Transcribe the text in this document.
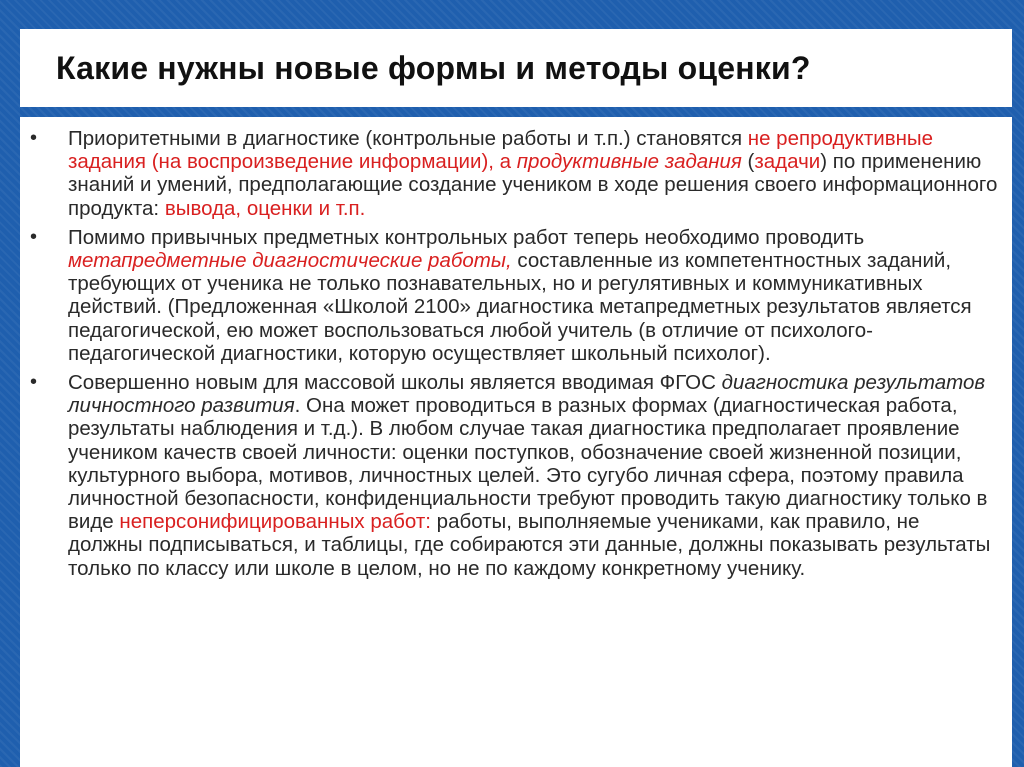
Какие нужны новые формы и методы оценки?
• Приоритетными в диагностике (контрольные работы и т.п.) становятся не репродуктивные задания (на воспроизведение информации), а продуктивные задания (задачи) по применению знаний и умений, предполагающие создание учеником в ходе решения своего информационного продукта: вывода, оценки и т.п.
• Помимо привычных предметных контрольных работ теперь необходимо проводить метапредметные диагностические работы, составленные из компетентностных заданий, требующих от ученика не только познавательных, но и регулятивных и коммуникативных действий. (Предложенная «Школой 2100» диагностика метапредметных результатов является педагогической, ею может воспользоваться любой учитель (в отличие от психолого-педагогической диагностики, которую осуществляет школьный психолог).
• Совершенно новым для массовой школы является вводимая ФГОС диагностика результатов личностного развития. Она может проводиться в разных формах (диагностическая работа, результаты наблюдения и т.д.). В любом случае такая диагностика предполагает проявление учеником качеств своей личности: оценки поступков, обозначение своей жизненной позиции, культурного выбора, мотивов, личностных целей. Это сугубо личная сфера, поэтому правила личностной безопасности, конфиденциальности требуют проводить такую диагностику только в виде неперсонифицированных работ: работы, выполняемые учениками, как правило, не должны подписываться, и таблицы, где собираются эти данные, должны показывать результаты только по классу или школе в целом, но не по каждому конкретному ученику.
